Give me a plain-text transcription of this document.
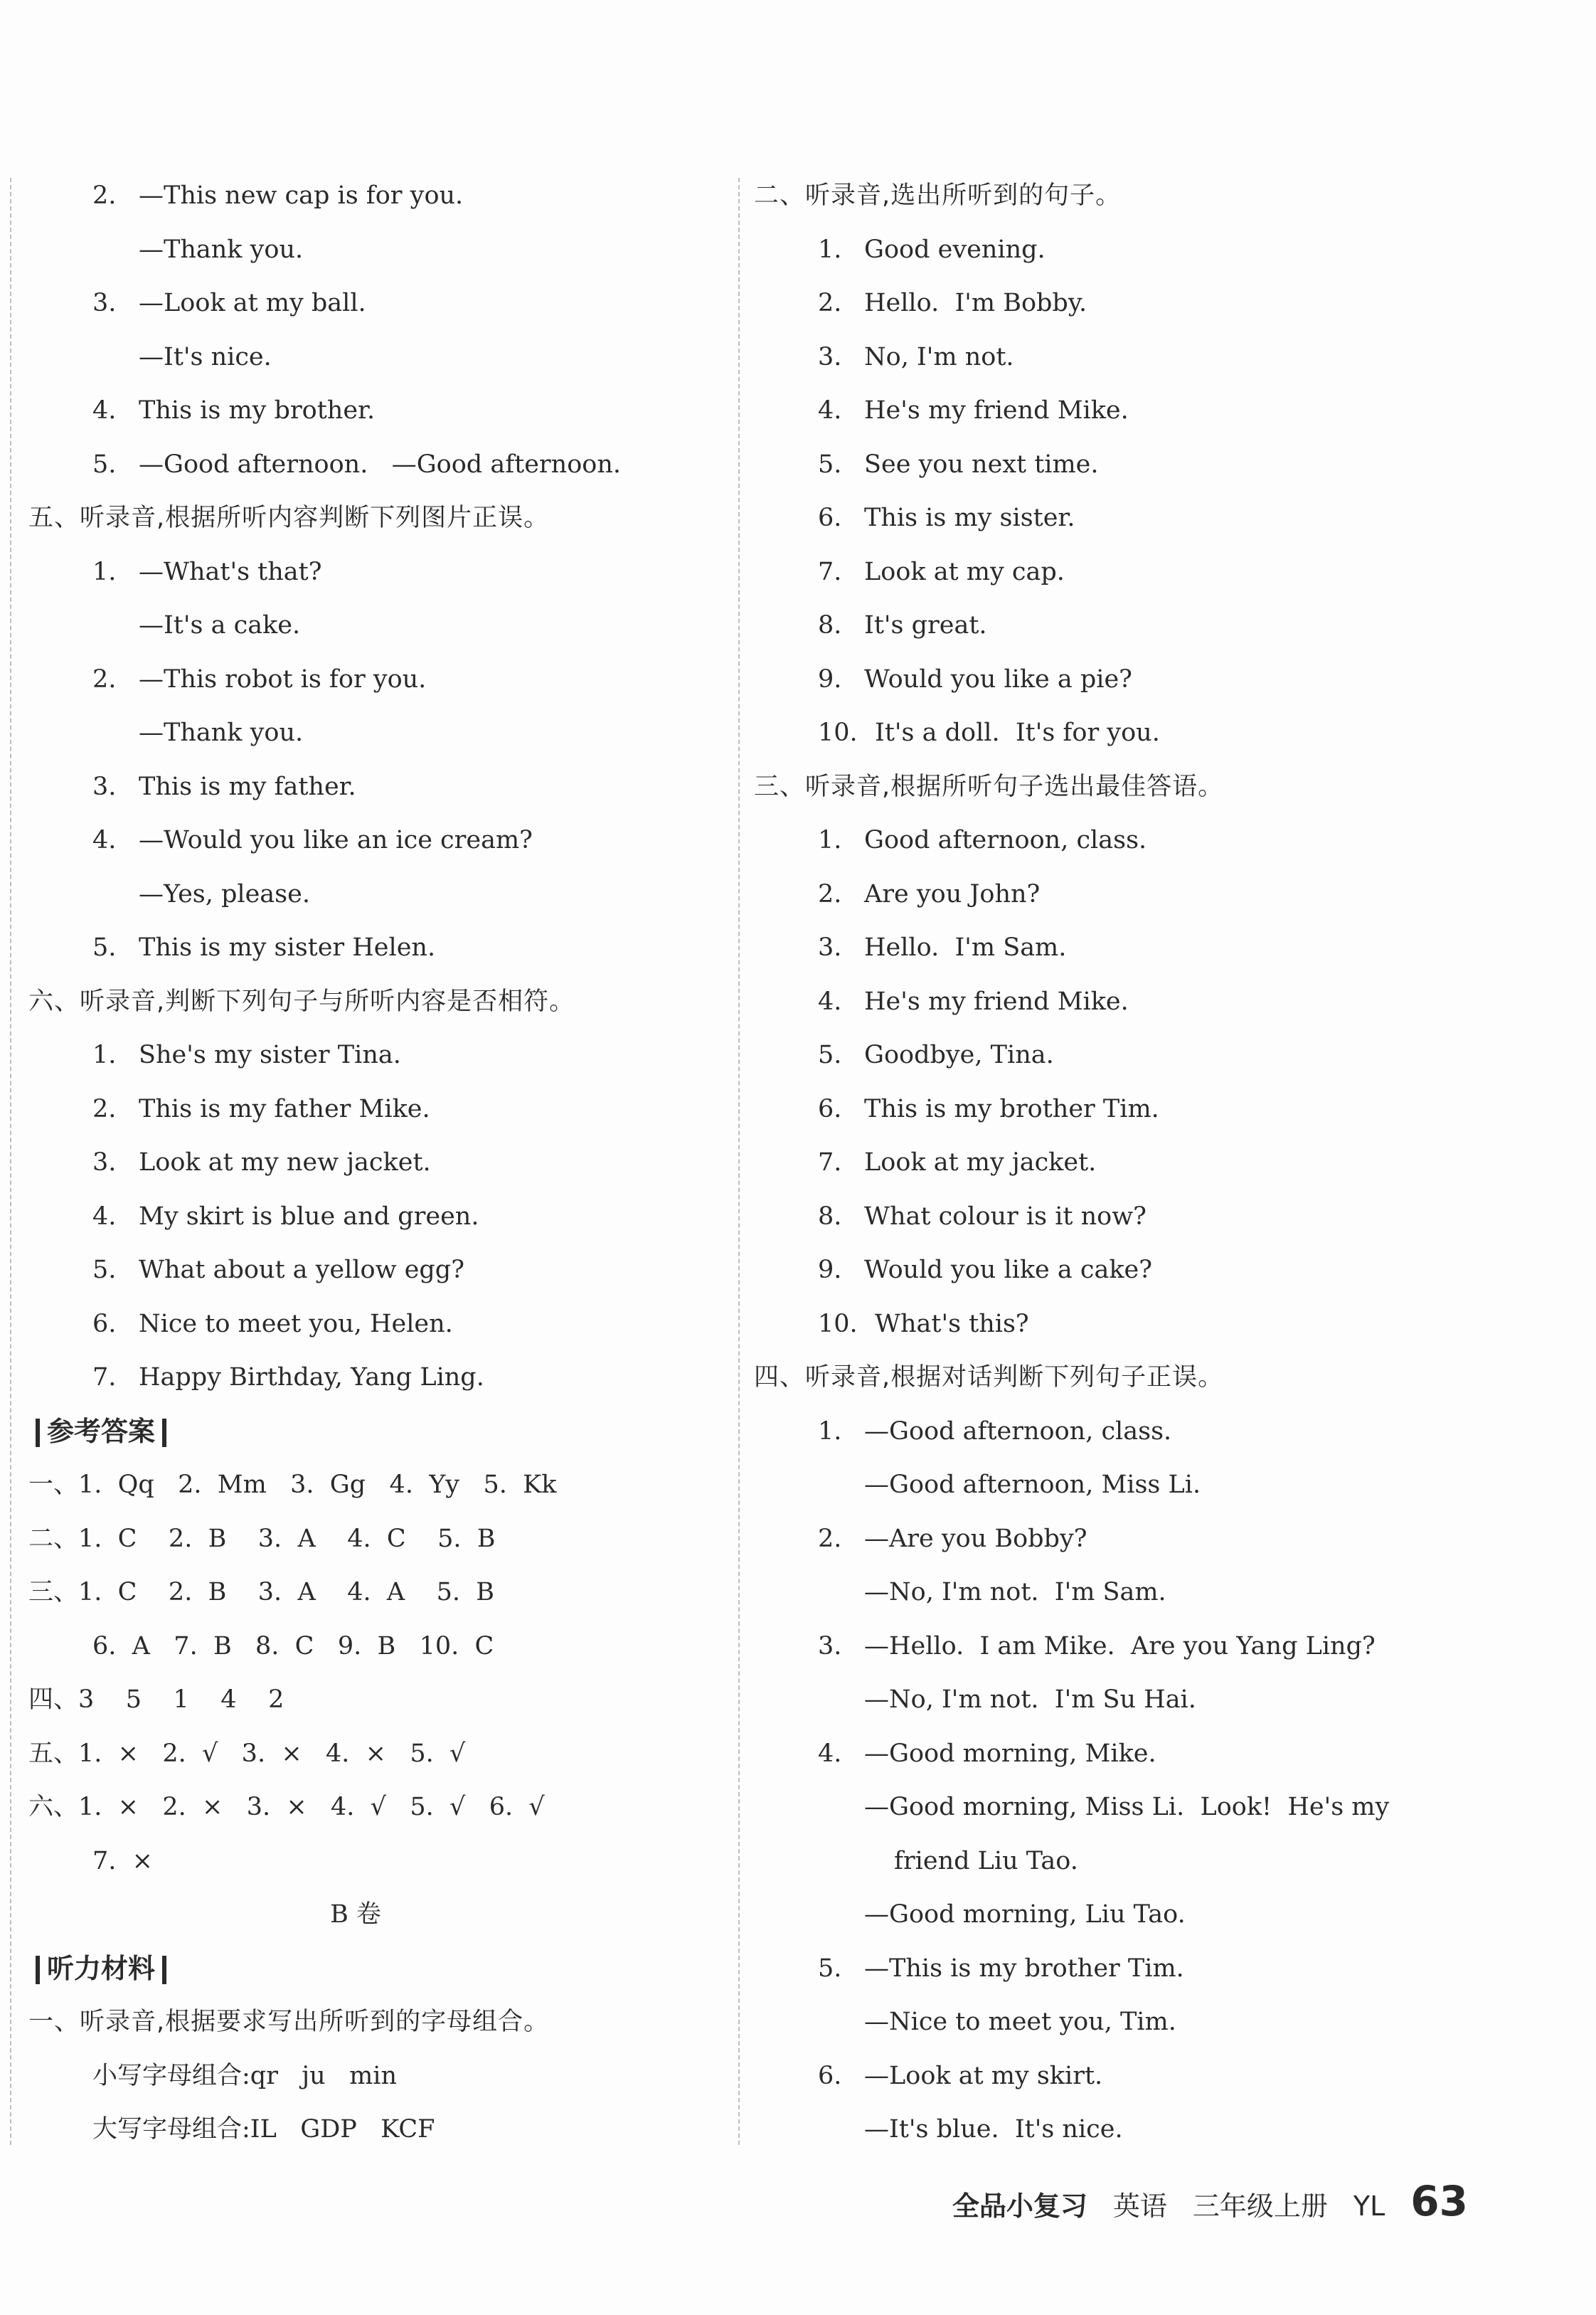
2. —This new cap is for you.
—Thank you.
3. —Look at my ball.
—It's nice.
4. This is my brother.
5. —Good afternoon.   —Good afternoon.
五、听录音,根据所听内容判断下列图片正误。
1. —What's that?
—It's a cake.
2. —This robot is for you.
—Thank you.
3. This is my father.
4. —Would you like an ice cream?
—Yes, please.
5. This is my sister Helen.
六、听录音,判断下列句子与所听内容是否相符。
1. She's my sister Tina.
2. This is my father Mike.
3. Look at my new jacket.
4. My skirt is blue and green.
5. What about a yellow egg?
6. Nice to meet you, Helen.
7. Happy Birthday, Yang Ling.
参考答案
一、1.  Qq   2.  Mm   3.  Gg   4.  Yy   5.  Kk
二、1.  C    2.  B    3.  A    4.  C    5.  B
三、1.  C    2.  B    3.  A    4.  A    5.  B
6.  A   7.  B   8.  C   9.  B   10.  C
四、3    5    1    4    2
五、1.  ×   2.  √   3.  ×   4.  ×   5.  √
六、1.  ×   2.  ×   3.  ×   4.  √   5.  √   6.  √
7.  ×
B 卷
听力材料
一、听录音,根据要求写出所听到的字母组合。
小写字母组合:qr   ju   min
大写字母组合:IL   GDP   KCF
二、听录音,选出所听到的句子。
1. Good evening.
2. Hello.  I'm Bobby.
3. No, I'm not.
4. He's my friend Mike.
5. See you next time.
6. This is my sister.
7. Look at my cap.
8. It's great.
9. Would you like a pie?
10. It's a doll.  It's for you.
三、听录音,根据所听句子选出最佳答语。
1. Good afternoon, class.
2. Are you John?
3. Hello.  I'm Sam.
4. He's my friend Mike.
5. Goodbye, Tina.
6. This is my brother Tim.
7. Look at my jacket.
8. What colour is it now?
9. Would you like a cake?
10. What's this?
四、听录音,根据对话判断下列句子正误。
1. —Good afternoon, class.
—Good afternoon, Miss Li.
2. —Are you Bobby?
—No, I'm not.  I'm Sam.
3. —Hello.  I am Mike.  Are you Yang Ling?
—No, I'm not.  I'm Su Hai.
4. —Good morning, Mike.
—Good morning, Miss Li.  Look!  He's my
friend Liu Tao.
—Good morning, Liu Tao.
5. —This is my brother Tim.
—Nice to meet you, Tim.
6. —Look at my skirt.
—It's blue.  It's nice.
全品小复习 英语 三年级上册 YL 63
